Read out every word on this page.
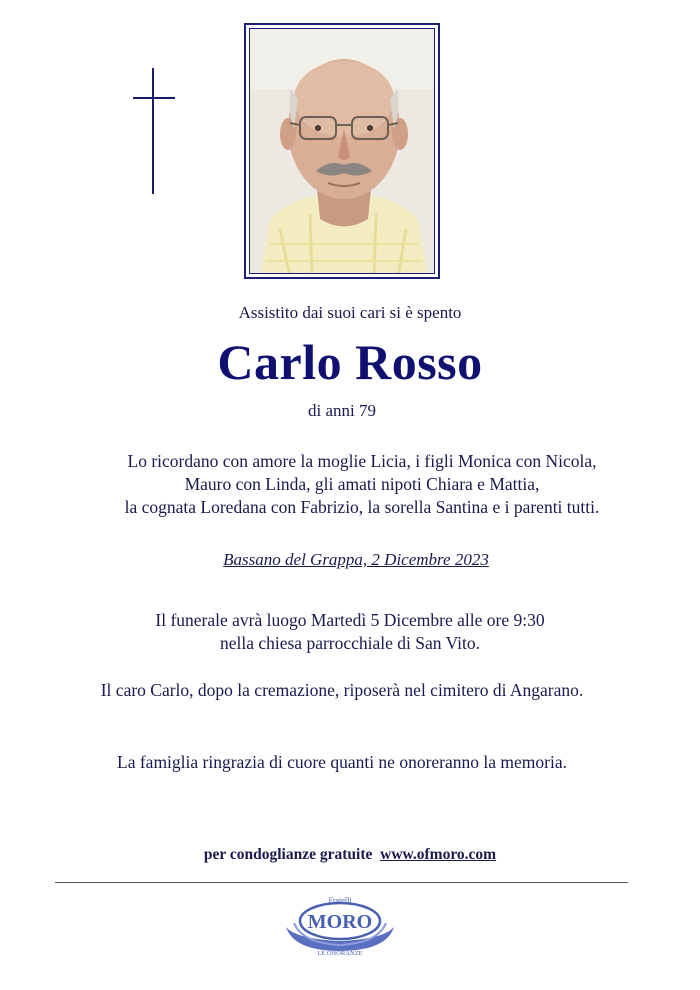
Assistito dai suoi cari si è spento
Carlo Rosso
di anni 79
Lo ricordano con amore la moglie Licia, i figli Monica con Nicola,
Mauro con Linda, gli amati nipoti Chiara e Mattia,
la cognata Loredana con Fabrizio, la sorella Santina e i parenti tutti.
Bassano del Grappa, 2 Dicembre 2023
Il funerale avrà luogo Martedì 5 Dicembre alle ore 9:30
nella chiesa parrocchiale di San Vito.
Il caro Carlo, dopo la cremazione, riposerà nel cimitero di Angarano.
La famiglia ringrazia di cuore quanti ne onoreranno la memoria.
per condoglianze gratuite www.ofmoro.com
Fratelli
MORO
LE ONORANZE
